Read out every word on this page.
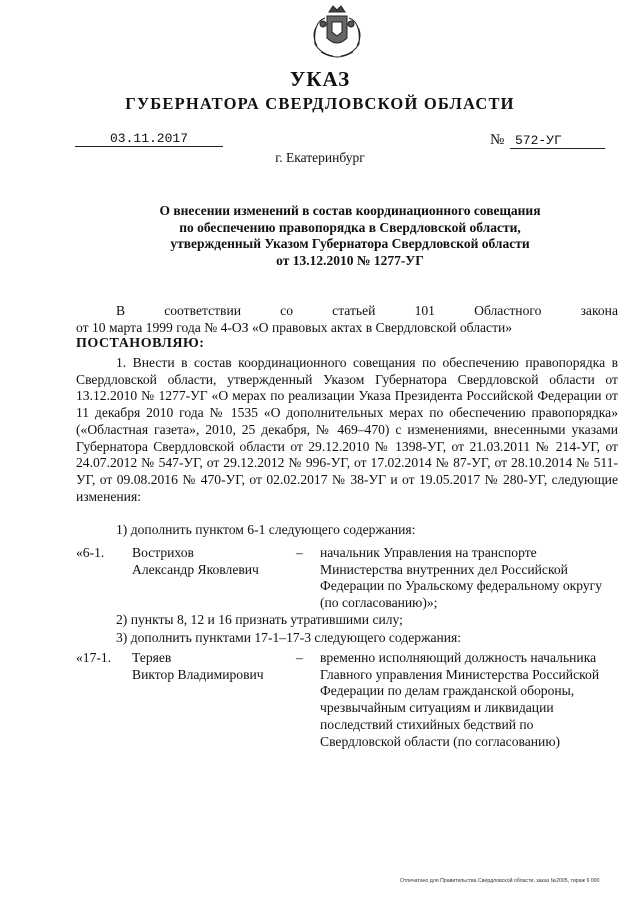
УКАЗ
ГУБЕРНАТОРА СВЕРДЛОВСКОЙ ОБЛАСТИ
03.11.2017	№ 572-УГ
г. Екатеринбург
О внесении изменений в состав координационного совещания
по обеспечению правопорядка в Свердловской области,
утвержденный Указом Губернатора Свердловской области
от 13.12.2010 № 1277-УГ
В соответствии со статьей 101 Областного закона
от 10 марта 1999 года № 4-ОЗ «О правовых актах в Свердловской области»
ПОСТАНОВЛЯЮ:
1. Внести в состав координационного совещания по обеспечению правопорядка в Свердловской области, утвержденный Указом Губернатора Свердловской области от 13.12.2010 № 1277-УГ «О мерах по реализации Указа Президента Российской Федерации от 11 декабря 2010 года № 1535 «О дополнительных мерах по обеспечению правопорядка» («Областная газета», 2010, 25 декабря, № 469–470) с изменениями, внесенными указами Губернатора Свердловской области от 29.12.2010 № 1398-УГ, от 21.03.2011 № 214-УГ, от 24.07.2012 № 547-УГ, от 29.12.2012 № 996-УГ, от 17.02.2014 № 87-УГ, от 28.10.2014 № 511-УГ, от 09.08.2016 № 470-УГ, от 02.02.2017 № 38-УГ и от 19.05.2017 № 280-УГ, следующие изменения:
1) дополнить пунктом 6-1 следующего содержания:
«6-1. Вострихов
Александр Яковлевич
– начальник Управления на транспорте Министерства внутренних дел Российской Федерации по Уральскому федеральному округу (по согласованию)»;
2) пункты 8, 12 и 16 признать утратившими силу;
3) дополнить пунктами 17-1–17-3 следующего содержания:
«17-1. Теряев
Виктор Владимирович
– временно исполняющий должность начальника Главного управления Министерства Российской Федерации по делам гражданской обороны, чрезвычайным ситуациям и ликвидации последствий стихийных бедствий по Свердловской области (по согласованию)
Отпечатано для Правительства Свердловской области, заказ №2005, тираж 6 000
